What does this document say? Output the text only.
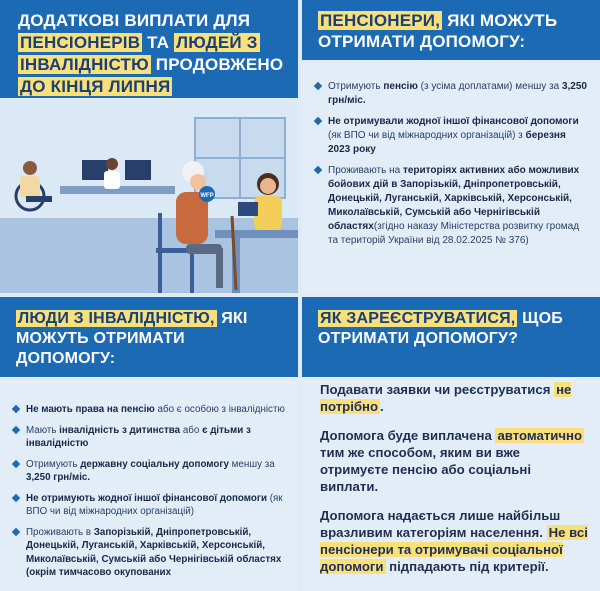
ДОДАТКОВІ ВИПЛАТИ ДЛЯ
ПЕНСІОНЕРІВ ТА ЛЮДЕЙ З
ІНВАЛІДНІСТЮ ПРОДОВЖЕНО
ДО КІНЦЯ ЛИПНЯ
WFP
ПЕНСІОНЕРИ, ЯКІ МОЖУТЬ
ОТРИМАТИ ДОПОМОГУ:
Отримують пенсію (з усіма доплатами) меншу за 3,250 грн/міс.
Не отримували жодної іншої фінансової допомоги (як ВПО чи від міжнародних організацій) з березня 2023 року
Проживають на територіях активних або можливих бойових дій в Запорізькій, Дніпропетровській, Донецькій, Луганській, Харківській, Херсонській, Миколаївській, Сумській або Чернігівській областях(згідно наказу Міністерства розвитку громад та територій України від 28.02.2025 № 376)
ЛЮДИ З ІНВАЛІДНІСТЮ, ЯКІ
МОЖУТЬ ОТРИМАТИ
ДОПОМОГУ:
Не мають права на пенсію або є особою з інвалідністю
Мають інвалідність з дитинства або є дітьми з інвалідністю
Отримують державну соціальну допомогу меншу за 3,250 грн/міс.
Не отримують жодної іншої фінансової допомоги (як ВПО чи від міжнародних організацій)
Проживають в Запорізькій, Дніпропетровській, Донецькій, Луганській, Харківській, Херсонській, Миколаївській, Сумській або Чернігівській областях (окрім тимчасово окупованих
ЯК ЗАРЕЄСТРУВАТИСЯ, ЩОБ
ОТРИМАТИ ДОПОМОГУ?

Подавати заявки чи реєструватися не потрібно .

Допомога буде виплачена автоматично тим же способом, яким ви вже отримуєте пенсію або соціальні виплати.

Допомога надається лише найбільш вразливим категоріям населення. Не всі пенсіонери та отримувачі соціальної допомоги підпадають під критерії.
